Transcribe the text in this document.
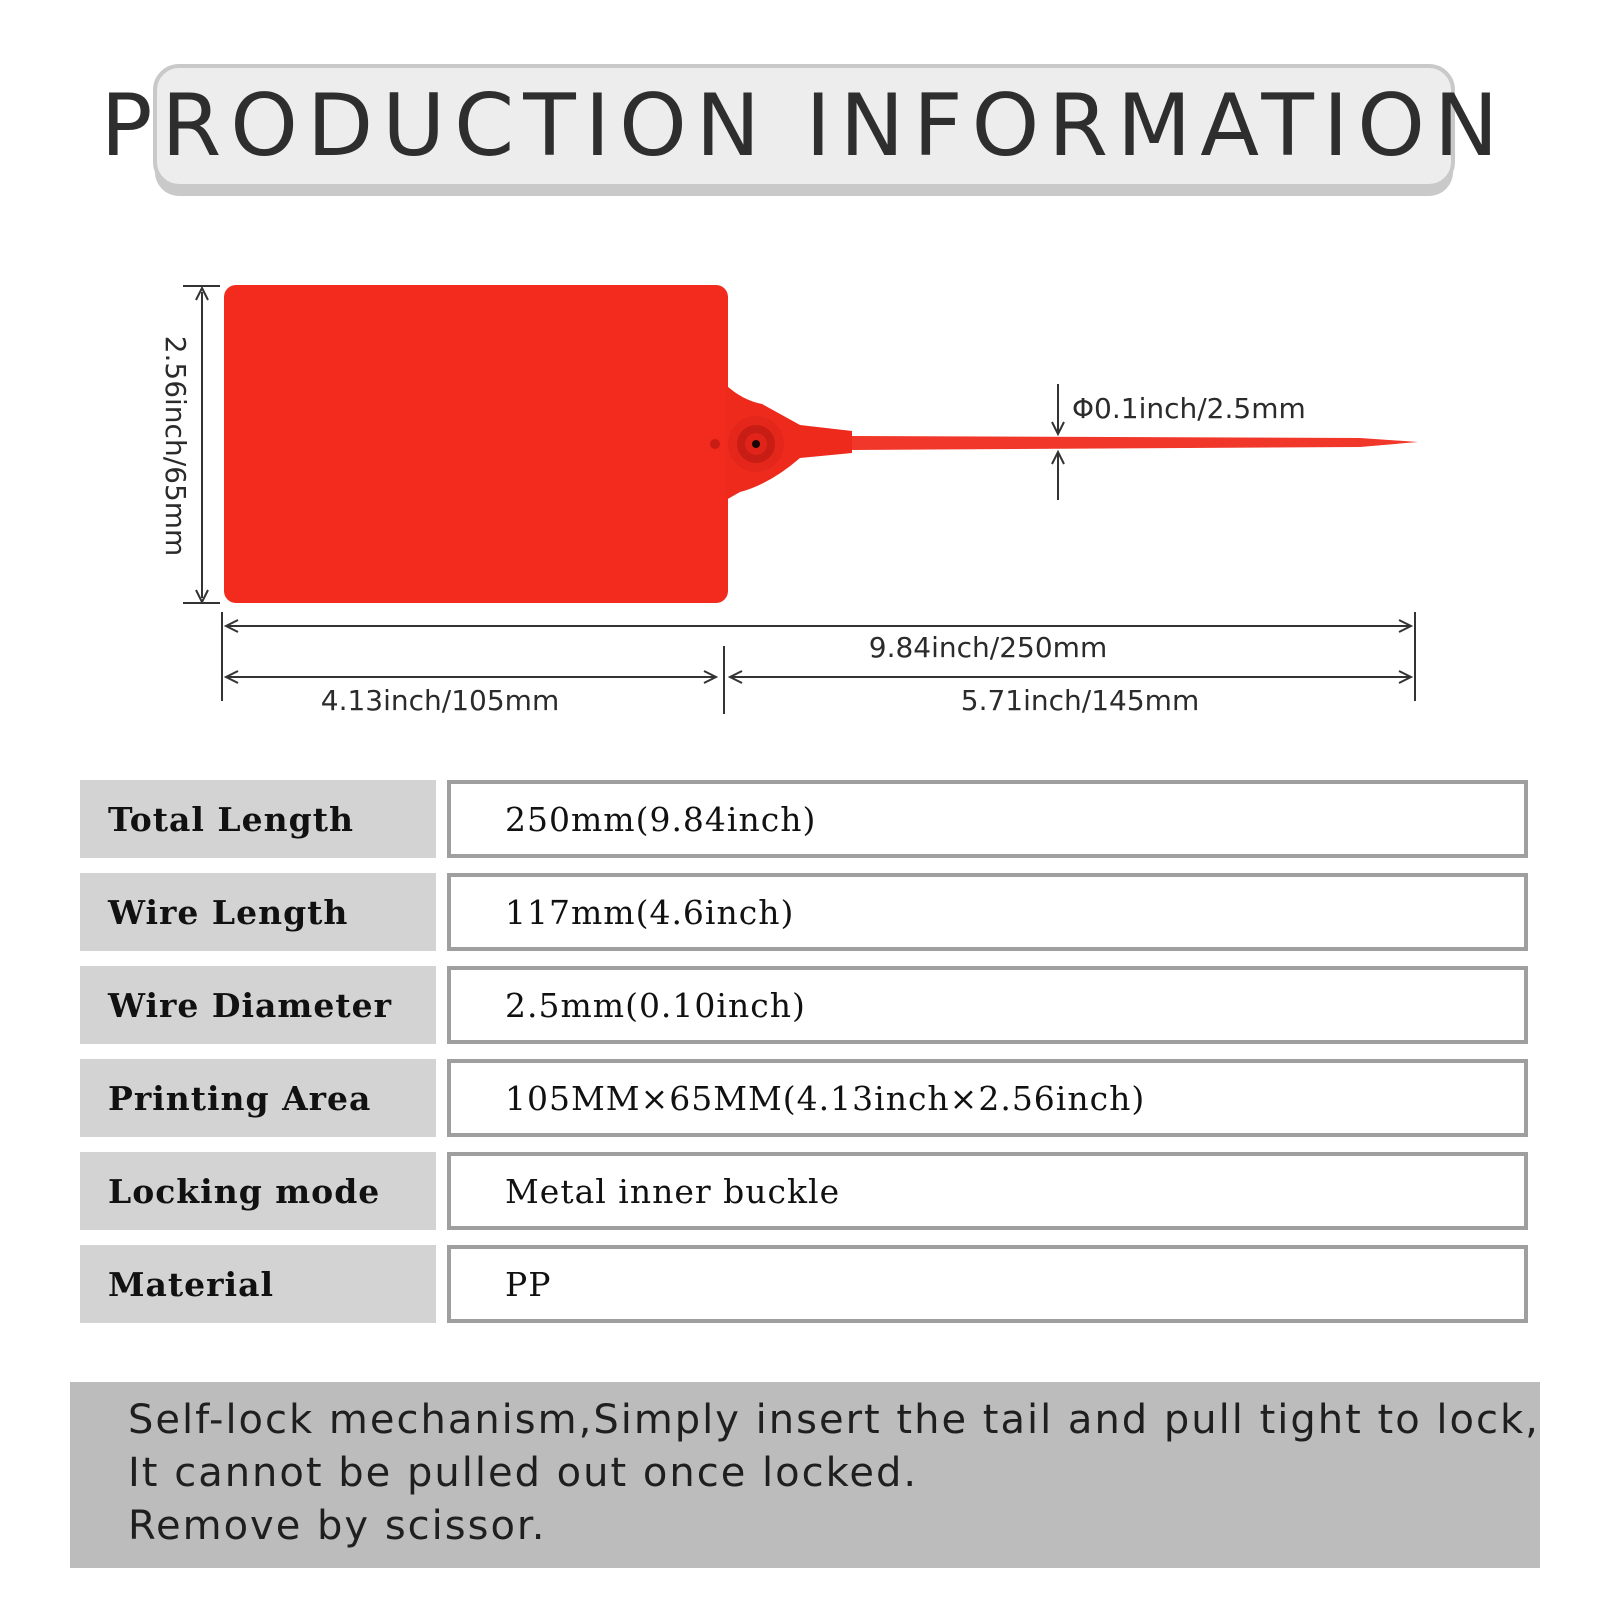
PRODUCTION INFORMATION
2.56inch/65mm	Φ0.1inch/2.5mm
9.84inch/250mm
4.13inch/105mm	5.71inch/145mm
Total Length	250mm(9.84inch)
Wire Length	117mm(4.6inch)
Wire Diameter	2.5mm(0.10inch)
Printing Area	105MM×65MM(4.13inch×2.56inch)
Locking mode	Metal inner buckle
Material	PP
Self-lock mechanism,Simply insert the tail and pull tight to lock,
It cannot be pulled out once locked.
Remove by scissor.
